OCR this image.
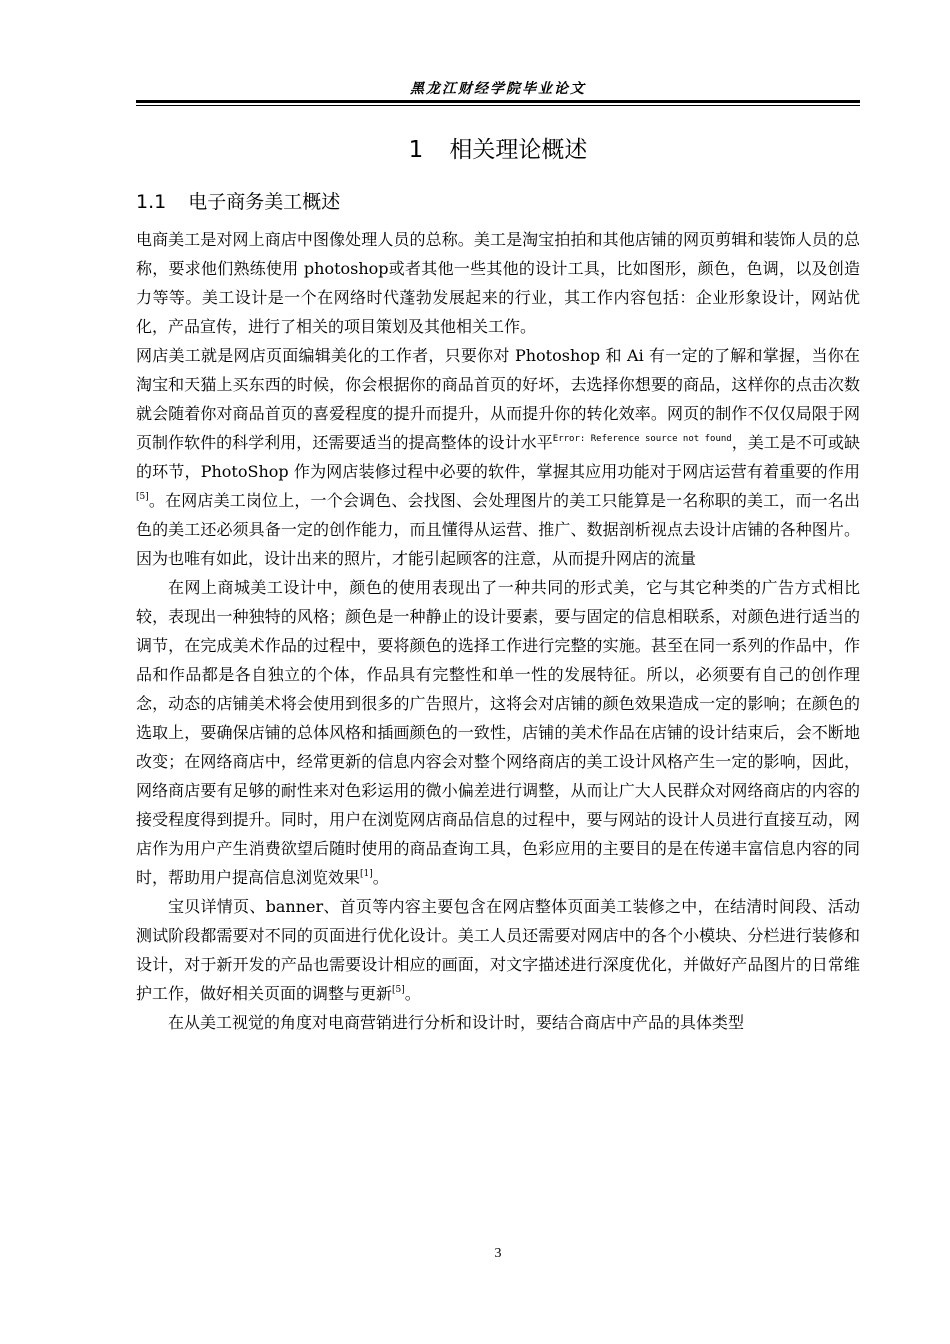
黑龙江财经学院毕业论文
1 相关理论概述
1.1 电子商务美工概述

电商美工是对网上商店中图像处理人员的总称。美工是淘宝拍拍和其他店铺的网页剪辑和装饰人员的总称，要求他们熟练使用 photoshop或者其他一些其他的设计工具，比如图形，颜色，色调，以及创造力等等。美工设计是一个在网络时代蓬勃发展起来的行业，其工作内容包括：企业形象设计，网站优化，产品宣传，进行了相关的项目策划及其他相关工作。

网店美工就是网店页面编辑美化的工作者，只要你对 Photoshop 和 Ai 有一定的了解和掌握，当你在淘宝和天猫上买东西的时候，你会根据你的商品首页的好坏，去选择你想要的商品，这样你的点击次数就会随着你对商品首页的喜爱程度的提升而提升，从而提升你的转化效率。网页的制作不仅仅局限于网页制作软件的科学利用，还需要适当的提高整体的设计水平$^{Error: Reference source not found}$，美工是不可或缺的环节，PhotoShop 作为网店装修过程中必要的软件，掌握其应用功能对于网店运营有着重要的作用[5]。在网店美工岗位上，一个会调色、会找图、会处理图片的美工只能算是一名称职的美工，而一名出色的美工还必须具备一定的创作能力，而且懂得从运营、推广、数据剖析视点去设计店铺的各种图片。因为也唯有如此，设计出来的照片，才能引起顾客的注意，从而提升网店的流量

在网上商城美工设计中，颜色的使用表现出了一种共同的形式美，它与其它种类的广告方式相比较，表现出一种独特的风格；颜色是一种静止的设计要素，要与固定的信息相联系，对颜色进行适当的调节，在完成美术作品的过程中，要将颜色的选择工作进行完整的实施。甚至在同一系列的作品中，作品和作品都是各自独立的个体，作品具有完整性和单一性的发展特征。所以，必须要有自己的创作理念，动态的店铺美术将会使用到很多的广告照片，这将会对店铺的颜色效果造成一定的影响；在颜色的选取上，要确保店铺的总体风格和插画颜色的一致性，店铺的美术作品在店铺的设计结束后，会不断地改变；在网络商店中，经常更新的信息内容会对整个网络商店的美工设计风格产生一定的影响，因此，网络商店要有足够的耐性来对色彩运用的微小偏差进行调整，从而让广大人民群众对网络商店的内容的接受程度得到提升。同时，用户在浏览网店商品信息的过程中，要与网站的设计人员进行直接互动，网店作为用户产生消费欲望后随时使用的商品查询工具，色彩应用的主要目的是在传递丰富信息内容的同时，帮助用户提高信息浏览效果[1]。

宝贝详情页、banner、首页等内容主要包含在网店整体页面美工装修之中，在结清时间段、活动测试阶段都需要对不同的页面进行优化设计。美工人员还需要对网店中的各个小模块、分栏进行装修和设计，对于新开发的产品也需要设计相应的画面，对文字描述进行深度优化，并做好产品图片的日常维护工作，做好相关页面的调整与更新[5]。

在从美工视觉的角度对电商营销进行分析和设计时，要结合商店中产品的具体类型

3
